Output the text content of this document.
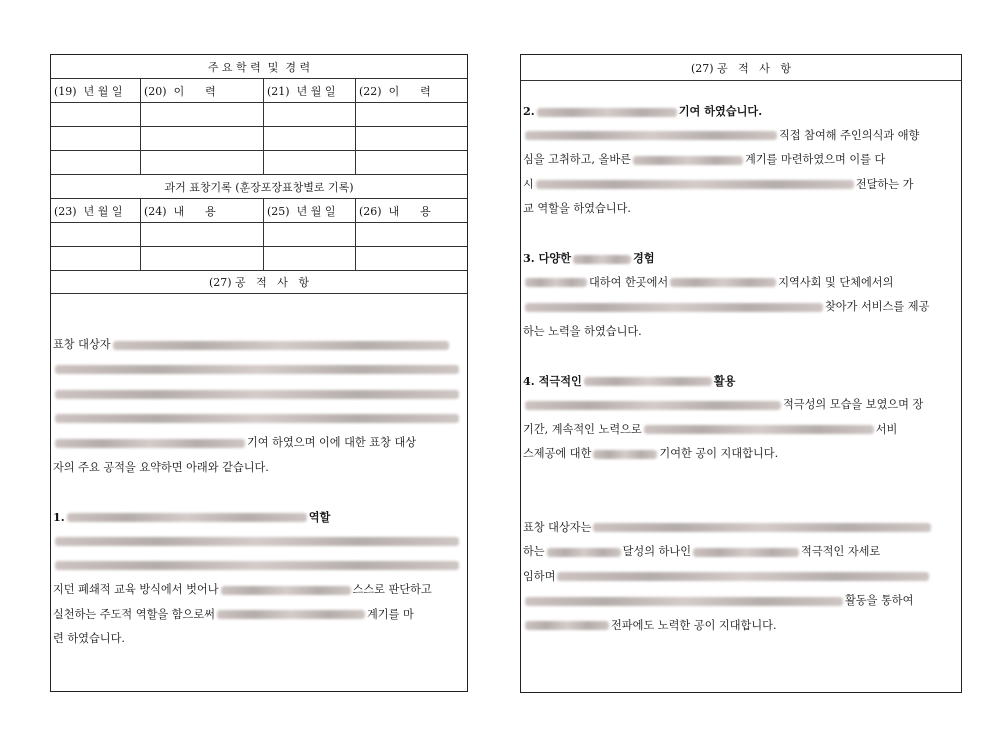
주 요 학 력  및  경 력
(19)  년 월 일 (20)  이      력	(21)  년 월 일 (22)  이      력
과거 표창기록 (훈장포장표창별로 기록)
(23)  년 월 일 (24)  내      용	(25)  년 월 일 (26)  내      용
(27) 공   적   사   항
표창 대상자
기여 하였으며 이에 대한 표창 대상
자의 주요 공적을 요약하면 아래와 같습니다.
1.	역할
지던 폐쇄적 교육 방식에서 벗어나	스스로 판단하고
실천하는 주도적 역할을 함으로써	계기를 마
련 하였습니다.
(27) 공   적   사   항
2.	기여 하였습니다.
직접 참여해 주인의식과 애향
심을 고취하고, 올바른	계기를 마련하였으며 이를 다
시	전달하는 가
교 역할을 하였습니다.
3. 다양한	경험
대하여 한곳에서	지역사회 및 단체에서의
찾아가 서비스를 제공
하는 노력을 하였습니다.
4. 적극적인	활용
적극성의 모습을 보였으며 장
기간, 계속적인 노력으로	서비
스제공에 대한	기여한 공이 지대합니다.
표창 대상자는
하는	달성의 하나인	적극적인 자세로
임하며
활동을 통하여
전파에도 노력한 공이 지대합니다.
